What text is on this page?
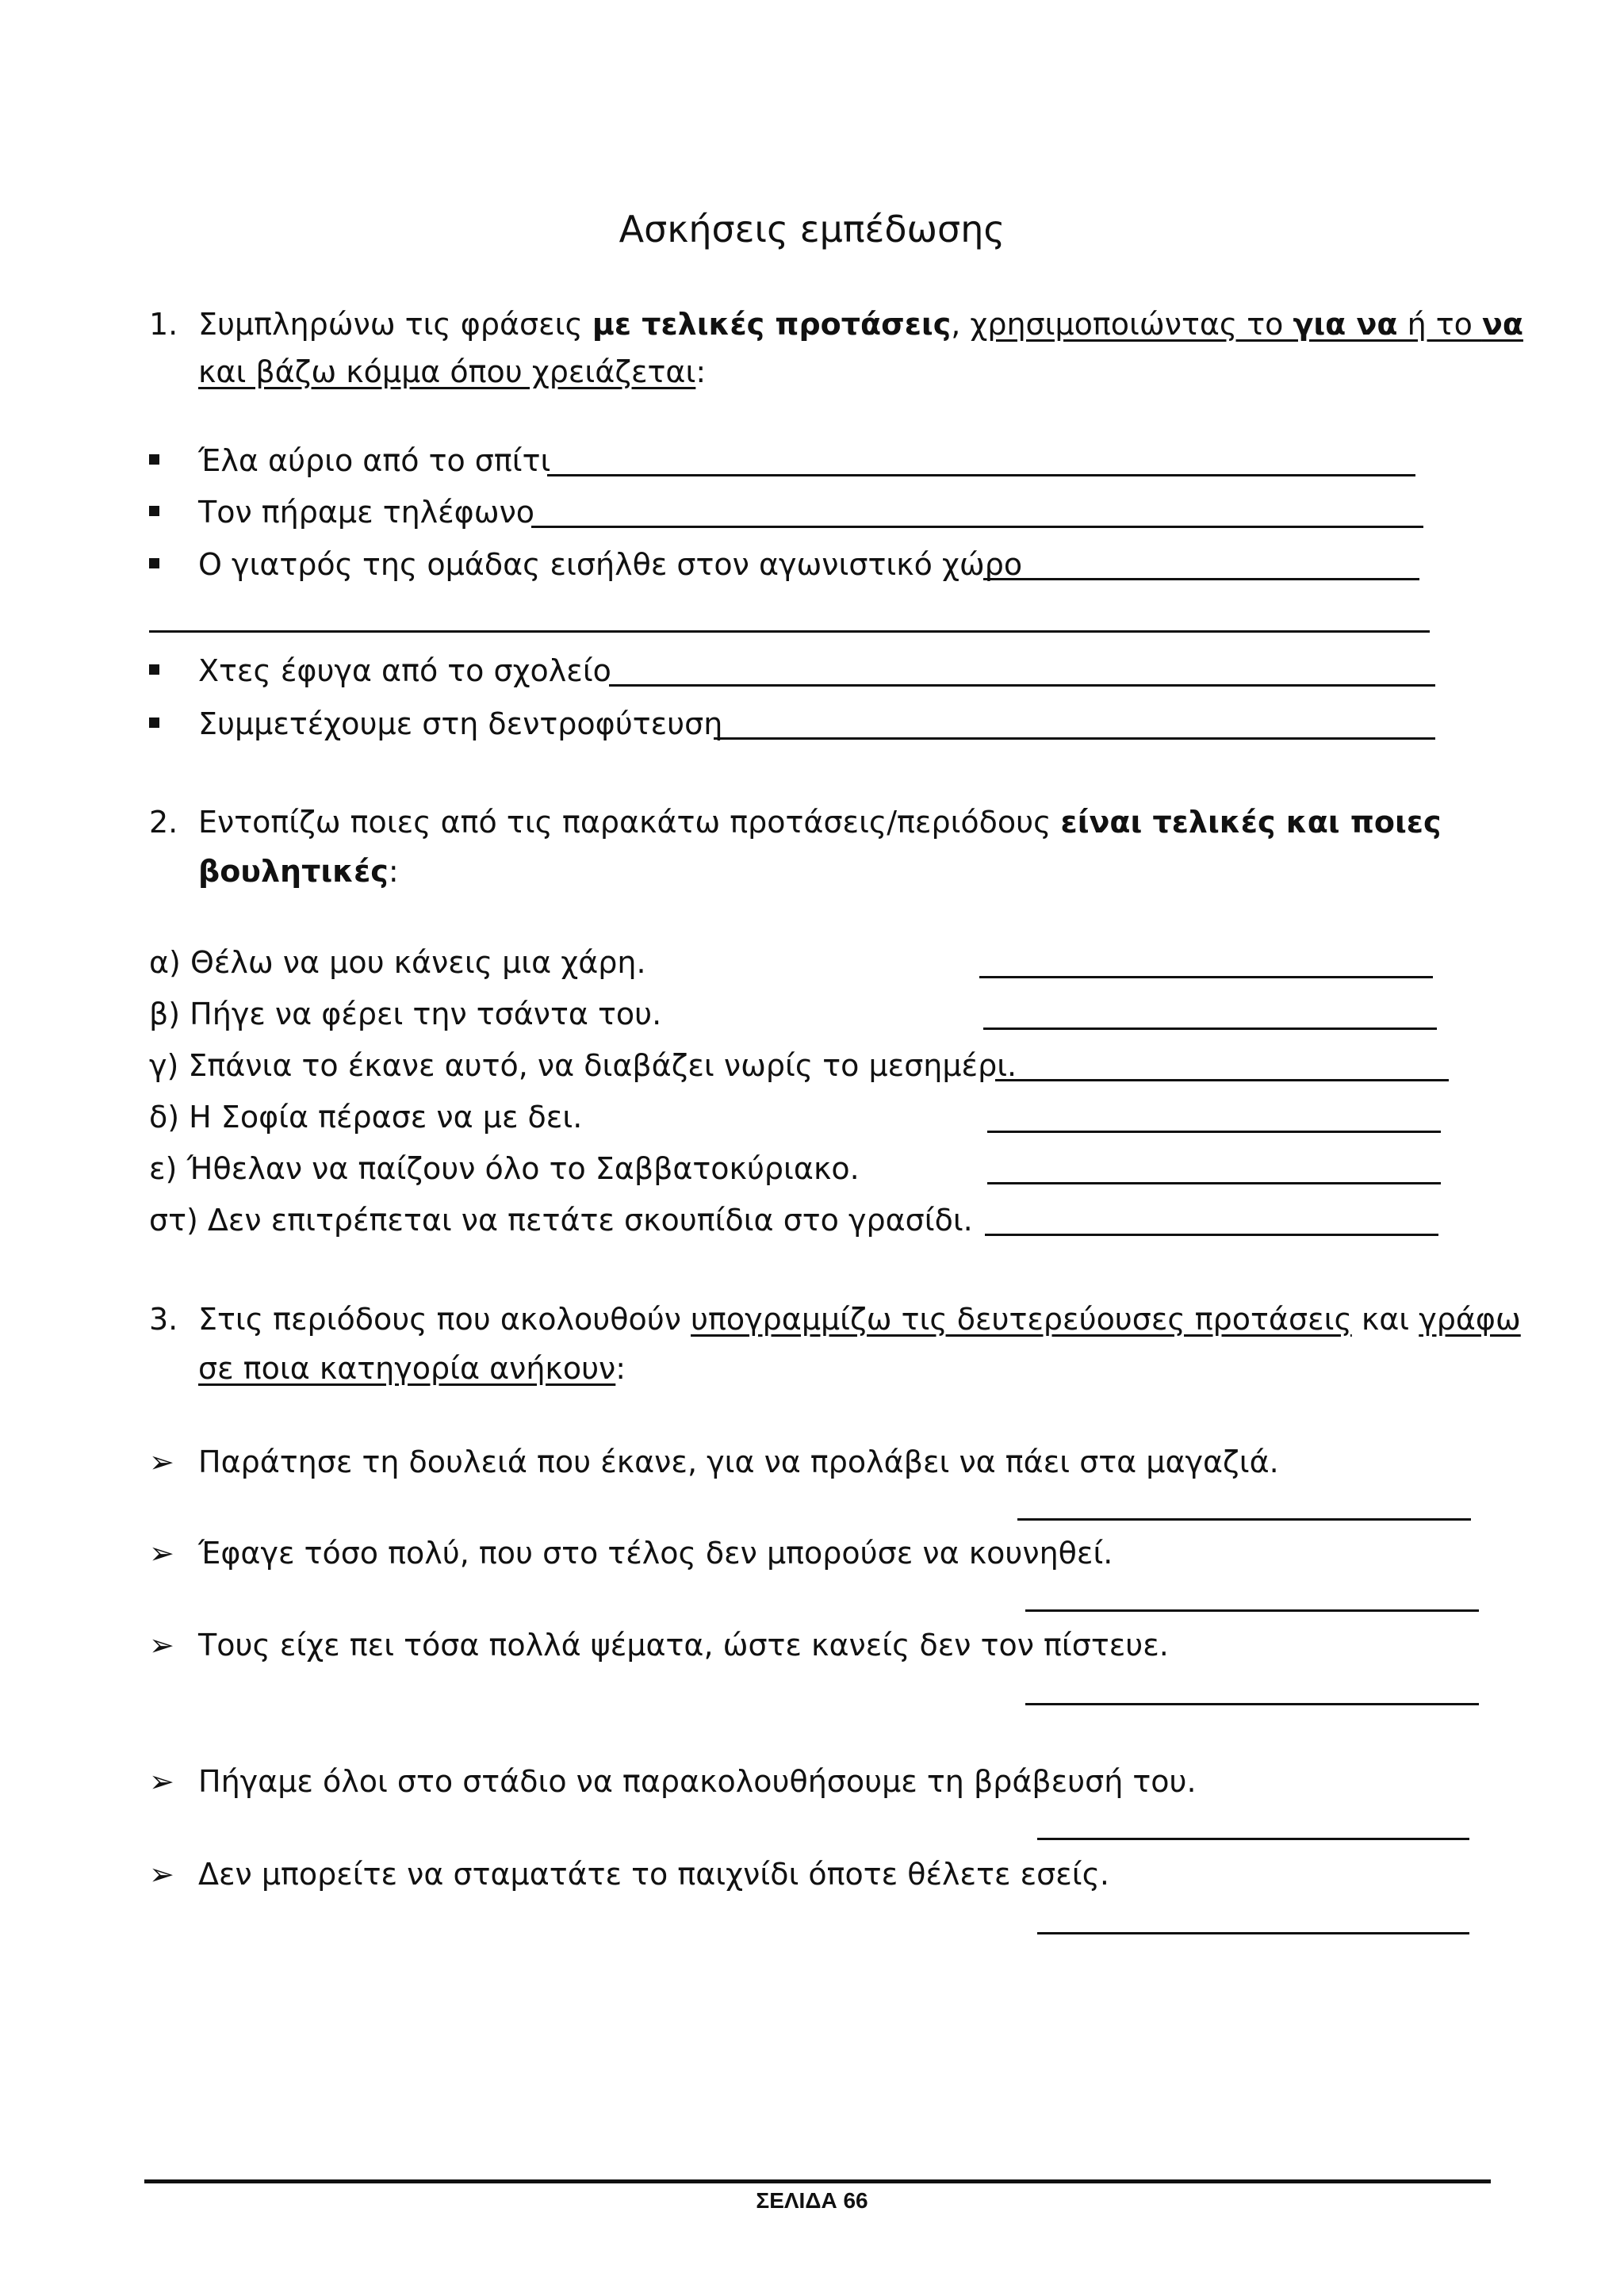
Ασκήσεις εμπέδωσης
1. Συμπληρώνω τις φράσεις με τελικές προτάσεις, χρησιμοποιώντας το για να ή το να
και βάζω κόμμα όπου χρειάζεται:
Έλα αύριο από το σπίτι
Τον πήραμε τηλέφωνο
Ο γιατρός της ομάδας εισήλθε στον αγωνιστικό χώρο
Χτες έφυγα από το σχολείο
Συμμετέχουμε στη δεντροφύτευση
2. Εντοπίζω ποιες από τις παρακάτω προτάσεις/περιόδους είναι τελικές και ποιες
βουλητικές:
α) Θέλω να μου κάνεις μια χάρη.
β) Πήγε να φέρει την τσάντα του.
γ) Σπάνια το έκανε αυτό, να διαβάζει νωρίς το μεσημέρι.
δ) Η Σοφία πέρασε να με δει.
ε) Ήθελαν να παίζουν όλο το Σαββατοκύριακο.
στ) Δεν επιτρέπεται να πετάτε σκουπίδια στο γρασίδι.
3. Στις περιόδους που ακολουθούν υπογραμμίζω τις δευτερεύουσες προτάσεις και γράφω
σε ποια κατηγορία ανήκουν:
➢ Παράτησε τη δουλειά που έκανε, για να προλάβει να πάει στα μαγαζιά.
➢ Έφαγε τόσο πολύ, που στο τέλος δεν μπορούσε να κουνηθεί.
➢ Τους είχε πει τόσα πολλά ψέματα, ώστε κανείς δεν τον πίστευε.
➢ Πήγαμε όλοι στο στάδιο να παρακολουθήσουμε τη βράβευσή του.
➢ Δεν μπορείτε να σταματάτε το παιχνίδι όποτε θέλετε εσείς.
ΣΕΛΙΔΑ 66
